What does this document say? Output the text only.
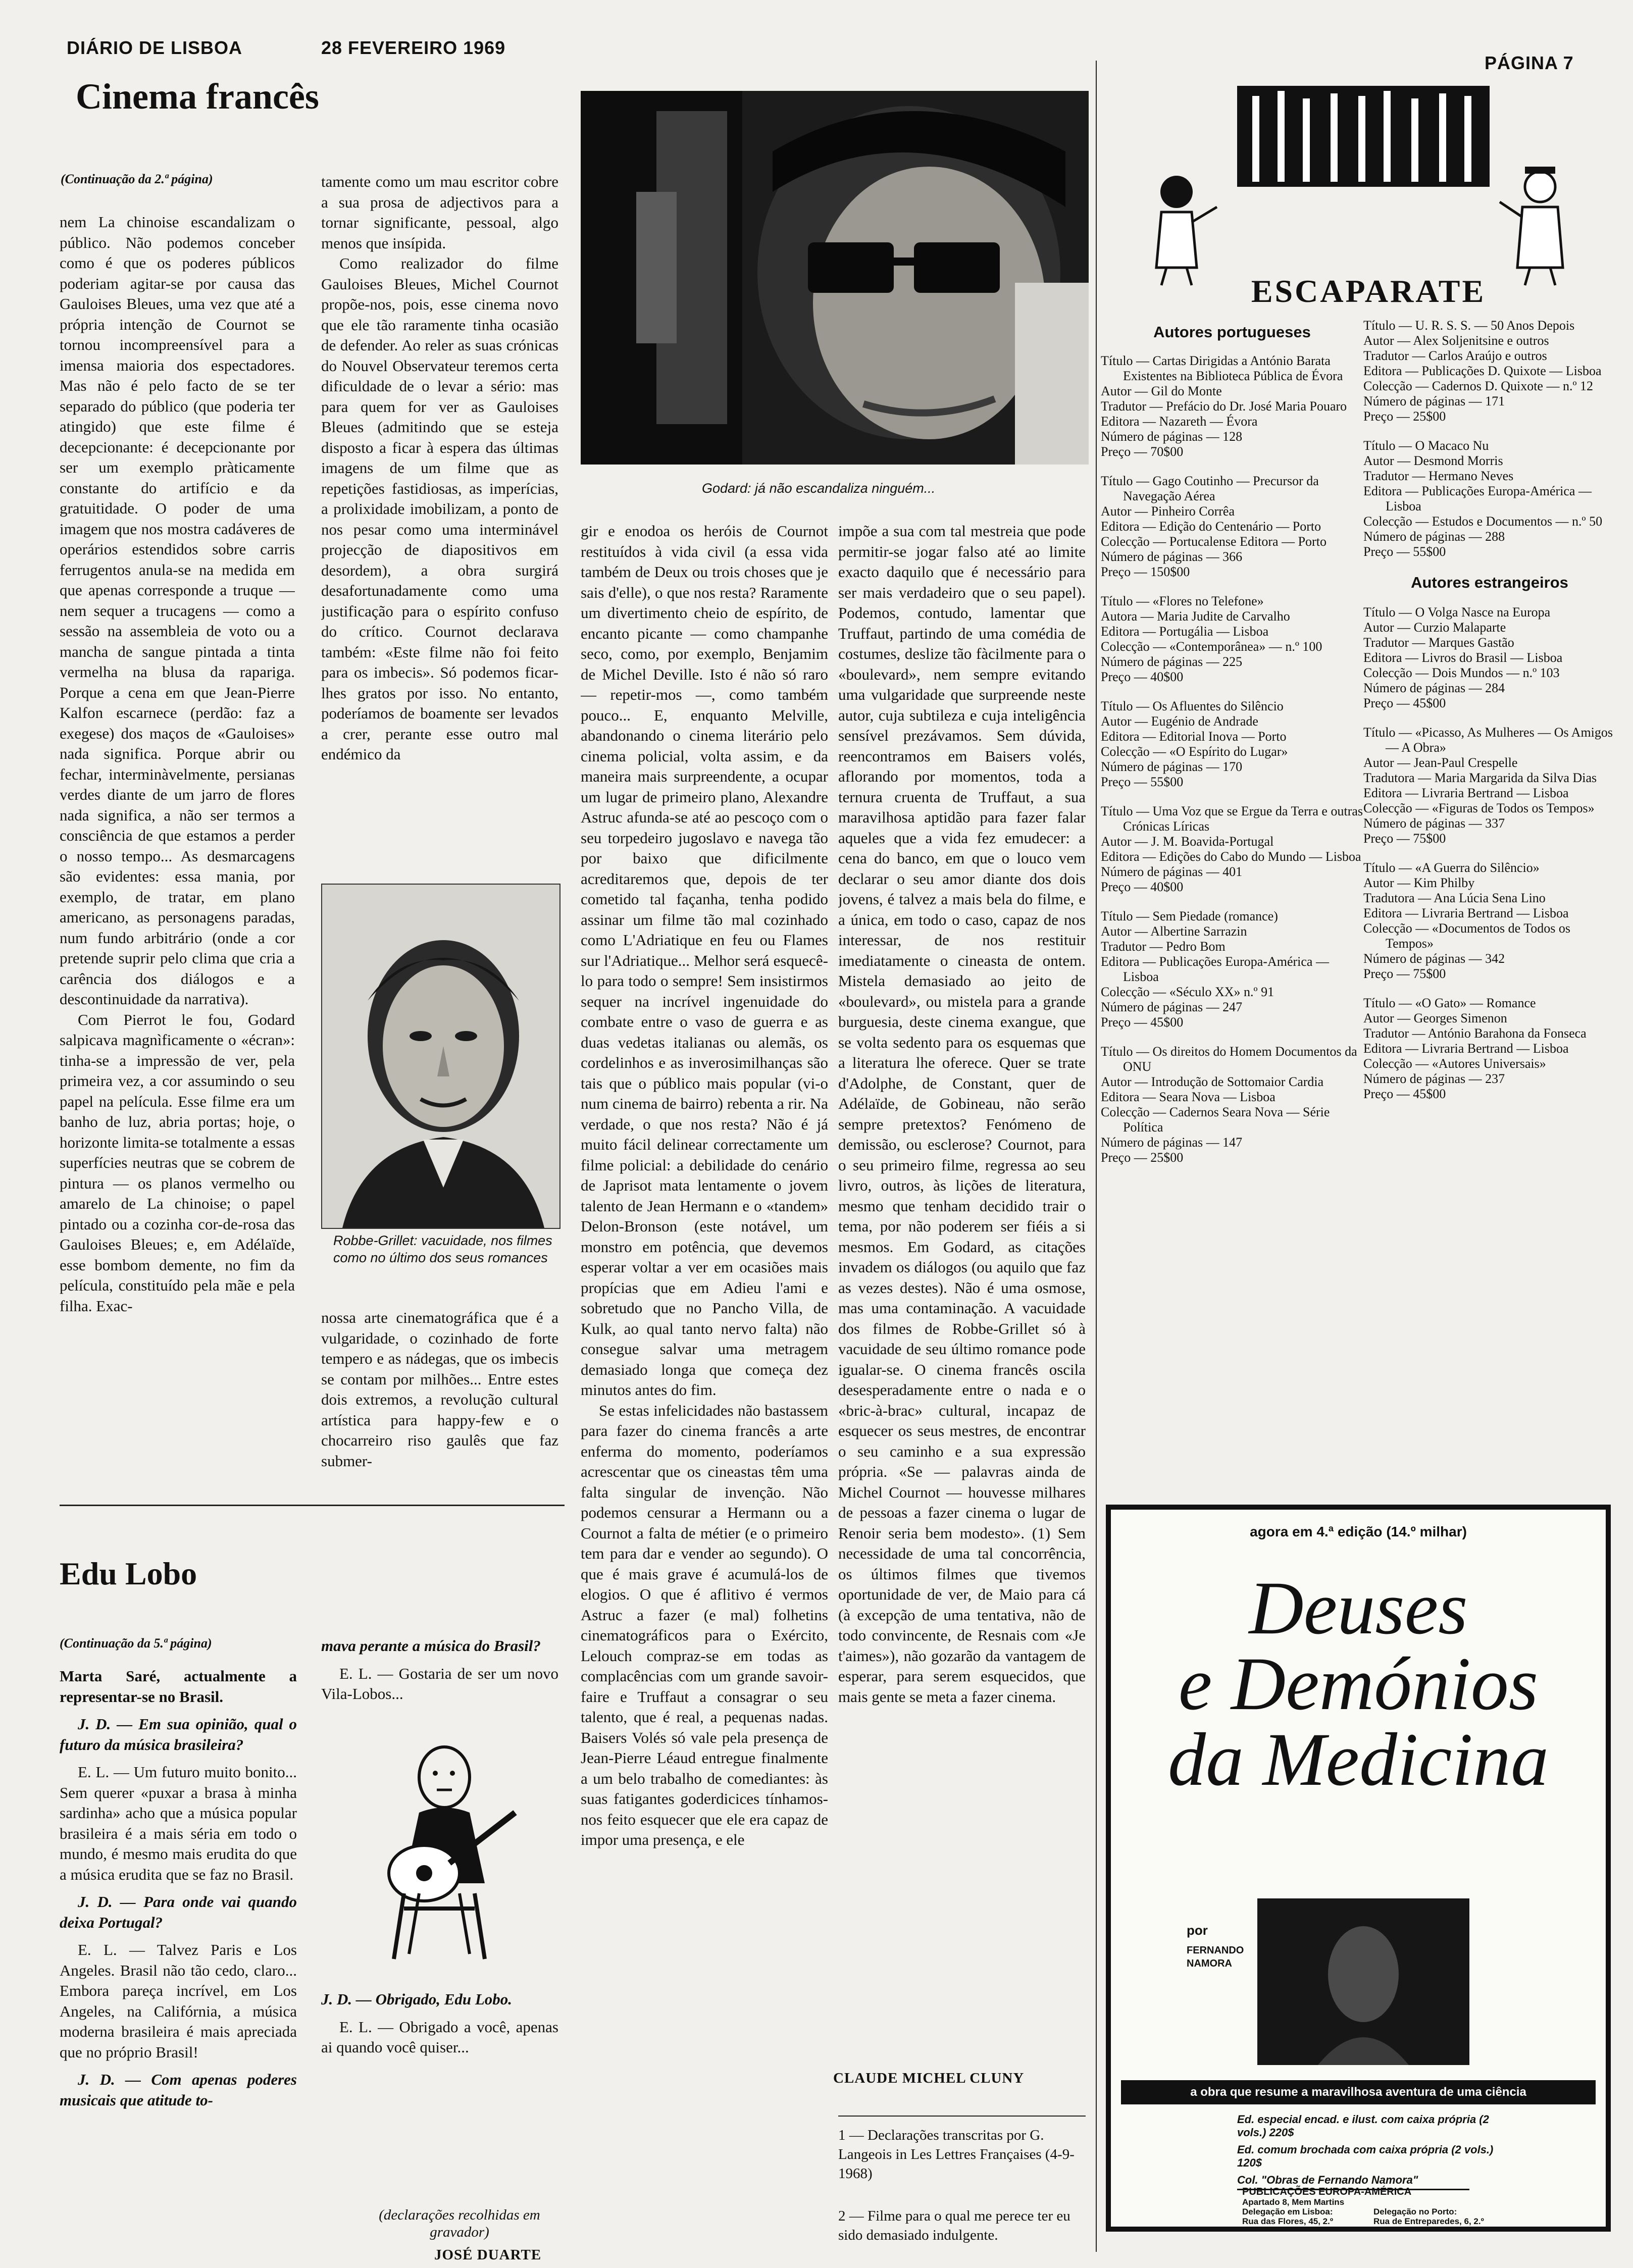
DIÁRIO DE LISBOA	28 FEVEREIRO 1969
PÁGINA 7
Cinema francês
(Continuação da 2.ª página)

nem La chinoise escandalizam o público. Não podemos conceber como é que os poderes públicos poderiam agitar-se por causa das Gauloises Bleues, uma vez que até a própria intenção de Cournot se tornou incompreensível para a imensa maioria dos espectadores. Mas não é pelo facto de se ter separado do público (que poderia ter atingido) que este filme é decepcionante: é decepcionante por ser um exemplo pràticamente constante do artifício e da gratuitidade. O poder de uma imagem que nos mostra cadáveres de operários estendidos sobre carris ferrugentos anula-se na medida em que apenas corresponde a truque — nem sequer a trucagens — como a sessão na assembleia de voto ou a mancha de sangue pintada a tinta vermelha na blusa da rapariga. Porque a cena em que Jean-Pierre Kalfon escarnece (perdão: faz a exegese) dos maços de «Gauloises» nada significa. Porque abrir ou fechar, interminàvelmente, persianas verdes diante de um jarro de flores nada significa, a não ser termos a consciência de que estamos a perder o nosso tempo... As desmarcagens são evidentes: essa mania, por exemplo, de tratar, em plano americano, as personagens paradas, num fundo arbitrário (onde a cor pretende suprir pelo clima que cria a carência dos diálogos e a descontinuidade da narrativa).

Com Pierrot le fou, Godard salpicava magnìficamente o «écran»: tinha-se a impressão de ver, pela primeira vez, a cor assumindo o seu papel na película. Esse filme era um banho de luz, abria portas; hoje, o horizonte limita-se totalmente a essas superfícies neutras que se cobrem de pintura — os planos vermelho ou amarelo de La chinoise; o papel pintado ou a cozinha cor-de-rosa das Gauloises Bleues; e, em Adélaïde, esse bombom demente, no fim da película, constituído pela mãe e pela filha. Exac-

tamente como um mau escritor cobre a sua prosa de adjectivos para a tornar significante, pessoal, algo menos que insípida.

Como realizador do filme Gauloises Bleues, Michel Cournot propõe-nos, pois, esse cinema novo que ele tão raramente tinha ocasião de defender. Ao reler as suas crónicas do Nouvel Observateur teremos certa dificuldade de o levar a sério: mas para quem for ver as Gauloises Bleues (admitindo que se esteja disposto a ficar à espera das últimas imagens de um filme que as repetições fastidiosas, as imperícias, a prolixidade imobilizam, a ponto de nos pesar como uma interminável projecção de diapositivos em desordem), a obra surgirá desafortunadamente como uma justificação para o espírito confuso do crítico. Cournot declarava também: «Este filme não foi feito para os imbecis». Só podemos ficar-lhes gratos por isso. No entanto, poderíamos de boamente ser levados a crer, perante esse outro mal endémico da

Robbe-Grillet: vacuidade, nos filmes como no último dos seus romances

nossa arte cinematográfica que é a vulgaridade, o cozinhado de forte tempero e as nádegas, que os imbecis se contam por milhões... Entre estes dois extremos, a revolução cultural artística para happy-few e o chocarreiro riso gaulês que faz submer-

Godard: já não escandaliza ninguém...

gir e enodoa os heróis de Cournot restituídos à vida civil (a essa vida também de Deux ou trois choses que je sais d'elle), o que nos resta? Raramente um divertimento cheio de espírito, de encanto picante — como champanhe seco, como, por exemplo, Benjamim de Michel Deville. Isto é não só raro — repetir-mos —, como também pouco... E, enquanto Melville, abandonando o cinema literário pelo cinema policial, volta assim, e da maneira mais surpreendente, a ocupar um lugar de primeiro plano, Alexandre Astruc afunda-se até ao pescoço com o seu torpedeiro jugoslavo e navega tão por baixo que dificilmente acreditaremos que, depois de ter cometido tal façanha, tenha podido assinar um filme tão mal cozinhado como L'Adriatique en feu ou Flames sur l'Adriatique... Melhor será esquecê-lo para todo o sempre! Sem insistirmos sequer na incrível ingenuidade do combate entre o vaso de guerra e as duas vedetas italianas ou alemãs, os cordelinhos e as inverosimilhanças são tais que o público mais popular (vi-o num cinema de bairro) rebenta a rir. Na verdade, o que nos resta? Não é já muito fácil delinear correctamente um filme policial: a debilidade do cenário de Japrisot mata lentamente o jovem talento de Jean Hermann e o «tandem» Delon-Bronson (este notável, um monstro em potência, que devemos esperar voltar a ver em ocasiões mais propícias que em Adieu l'ami e sobretudo que no Pancho Villa, de Kulk, ao qual tanto nervo falta) não consegue salvar uma metragem demasiado longa que começa dez minutos antes do fim.

Se estas infelicidades não bastassem para fazer do cinema francês a arte enferma do momento, poderíamos acrescentar que os cineastas têm uma falta singular de invenção. Não podemos censurar a Hermann ou a Cournot a falta de métier (e o primeiro tem para dar e vender ao segundo). O que é mais grave é acumulá-los de elogios. O que é aflitivo é vermos Astruc a fazer (e mal) folhetins cinematográficos para o Exército, Lelouch compraz-se em todas as complacências com um grande savoir-faire e Truffaut a consagrar o seu talento, que é real, a pequenas nadas. Baisers Volés só vale pela presença de Jean-Pierre Léaud entregue finalmente a um belo trabalho de comediantes: às suas fatigantes goderdicices tínhamos-nos feito esquecer que ele era capaz de impor uma presença, e ele

impõe a sua com tal mestreia que pode permitir-se jogar falso até ao limite exacto daquilo que é necessário para ser mais verdadeiro que o seu papel). Podemos, contudo, lamentar que Truffaut, partindo de uma comédia de costumes, deslize tão fàcilmente para o «boulevard», nem sempre evitando uma vulgaridade que surpreende neste autor, cuja subtileza e cuja inteligência sensível prezávamos. Sem dúvida, reencontramos em Baisers volés, aflorando por momentos, toda a ternura cruenta de Truffaut, a sua maravilhosa aptidão para fazer falar aqueles que a vida fez emudecer: a cena do banco, em que o louco vem declarar o seu amor diante dos dois jovens, é talvez a mais bela do filme, e a única, em todo o caso, capaz de nos interessar, de nos restituir imediatamente o cineasta de ontem. Mistela demasiado ao jeito de «boulevard», ou mistela para a grande burguesia, deste cinema exangue, que se volta sedento para os esquemas que a literatura lhe oferece. Quer se trate d'Adolphe, de Constant, quer de Adélaïde, de Gobineau, não serão sempre pretextos? Fenómeno de demissão, ou esclerose? Cournot, para o seu primeiro filme, regressa ao seu livro, outros, às lições de literatura, mesmo que tenham decidido trair o tema, por não poderem ser fiéis a si mesmos. Em Godard, as citações invadem os diálogos (ou aquilo que faz as vezes destes). Não é uma osmose, mas uma contaminação. A vacuidade dos filmes de Robbe-Grillet só à vacuidade de seu último romance pode igualar-se. O cinema francês oscila desesperadamente entre o nada e o «bric-à-brac» cultural, incapaz de esquecer os seus mestres, de encontrar o seu caminho e a sua expressão própria. «Se — palavras ainda de Michel Cournot — houvesse milhares de pessoas a fazer cinema o lugar de Renoir seria bem modesto». (1) Sem necessidade de uma tal concorrência, os últimos filmes que tivemos oportunidade de ver, de Maio para cá (à excepção de uma tentativa, não de todo convincente, de Resnais com «Je t'aimes»), não gozarão da vantagem de esperar, para serem esquecidos, que mais gente se meta a fazer cinema.

CLAUDE MICHEL CLUNY
1 — Declarações transcritas por G. Langeois in Les Lettres Françaises (4-9-1968)
2 — Filme para o qual me perece ter eu sido demasiado indulgente.
Edu Lobo
(Continuação da 5.ª página)

Marta Saré, actualmente a representar-se no Brasil.

J. D. — Em sua opinião, qual o futuro da música brasileira?

E. L. — Um futuro muito bonito... Sem querer «puxar a brasa à minha sardinha» acho que a música popular brasileira é a mais séria em todo o mundo, é mesmo mais erudita do que a música erudita que se faz no Brasil.

J. D. — Para onde vai quando deixa Portugal?

E. L. — Talvez Paris e Los Angeles. Brasil não tão cedo, claro... Embora pareça incrível, em Los Angeles, na Califórnia, a música moderna brasileira é mais apreciada que no próprio Brasil!

J. D. — Com apenas poderes musicais que atitude to-

mava perante a música do Brasil?

E. L. — Gostaria de ser um novo Vila-Lobos...

J. D. — Obrigado, Edu Lobo.

E. L. — Obrigado a você, apenas ai quando você quiser...

(declarações recolhidas em gravador)
JOSÉ DUARTE
ESCAPARATE
Autores portugueses
Título — Cartas Dirigidas a António Barata Existentes na Biblioteca Pública de Évora
Autor — Gil do Monte
Tradutor — Prefácio do Dr. José Maria Pouaro
Editora — Nazareth — Évora
Número de páginas — 128
Preço — 70$00
Título — Gago Coutinho — Precursor da Navegação Aérea
Autor — Pinheiro Corrêa
Editora — Edição do Centenário — Porto
Colecção — Portucalense Editora — Porto
Número de páginas — 366
Preço — 150$00
Título — «Flores no Telefone»
Autora — Maria Judite de Carvalho
Editora — Portugália — Lisboa
Colecção — «Contemporânea» — n.º 100
Número de páginas — 225
Preço — 40$00
Título — Os Afluentes do Silêncio
Autor — Eugénio de Andrade
Editora — Editorial Inova — Porto
Colecção — «O Espírito do Lugar»
Número de páginas — 170
Preço — 55$00
Título — Uma Voz que se Ergue da Terra e outras Crónicas Líricas
Autor — J. M. Boavida-Portugal
Editora — Edições do Cabo do Mundo — Lisboa
Número de páginas — 401
Preço — 40$00
Título — Sem Piedade (romance)
Autor — Albertine Sarrazin
Tradutor — Pedro Bom
Editora — Publicações Europa-América — Lisboa
Colecção — «Século XX» n.º 91
Número de páginas — 247
Preço — 45$00
Título — Os direitos do Homem Documentos da ONU
Autor — Introdução de Sottomaior Cardia
Editora — Seara Nova — Lisboa
Colecção — Cadernos Seara Nova — Série Política
Número de páginas — 147
Preço — 25$00
Título — U. R. S. S. — 50 Anos Depois
Autor — Alex Soljenitsine e outros
Tradutor — Carlos Araújo e outros
Editora — Publicações D. Quixote — Lisboa
Colecção — Cadernos D. Quixote — n.º 12
Número de páginas — 171
Preço — 25$00
Título — O Macaco Nu
Autor — Desmond Morris
Tradutor — Hermano Neves
Editora — Publicações Europa-América — Lisboa
Colecção — Estudos e Documentos — n.º 50
Número de páginas — 288
Preço — 55$00
Autores estrangeiros
Título — O Volga Nasce na Europa
Autor — Curzio Malaparte
Tradutor — Marques Gastão
Editora — Livros do Brasil — Lisboa
Colecção — Dois Mundos — n.º 103
Número de páginas — 284
Preço — 45$00
Título — «Picasso, As Mulheres — Os Amigos — A Obra»
Autor — Jean-Paul Crespelle
Tradutora — Maria Margarida da Silva Dias
Editora — Livraria Bertrand — Lisboa
Colecção — «Figuras de Todos os Tempos»
Número de páginas — 337
Preço — 75$00
Título — «A Guerra do Silêncio»
Autor — Kim Philby
Tradutora — Ana Lúcia Sena Lino
Editora — Livraria Bertrand — Lisboa
Colecção — «Documentos de Todos os Tempos»
Número de páginas — 342
Preço — 75$00
Título — «O Gato» — Romance
Autor — Georges Simenon
Tradutor — António Barahona da Fonseca
Editora — Livraria Bertrand — Lisboa
Colecção — «Autores Universais»
Número de páginas — 237
Preço — 45$00
agora em 4.ª edição (14.º milhar)
Deuses
e Demónios
da Medicina
por
FERNANDO NAMORA
a obra que resume a maravilhosa aventura de uma ciência
Ed. especial encad. e ilust. com caixa própria (2 vols.) 220$
Ed. comum brochada com caixa própria (2 vols.) 120$
Col. "Obras de Fernando Namora"
PUBLICAÇÕES EUROPA-AMÉRICA
Apartado 8, Mem Martins
Delegação em Lisboa:
Rua das Flores, 45, 2.º
Delegação no Porto:
Rua de Entreparedes, 6, 2.º
